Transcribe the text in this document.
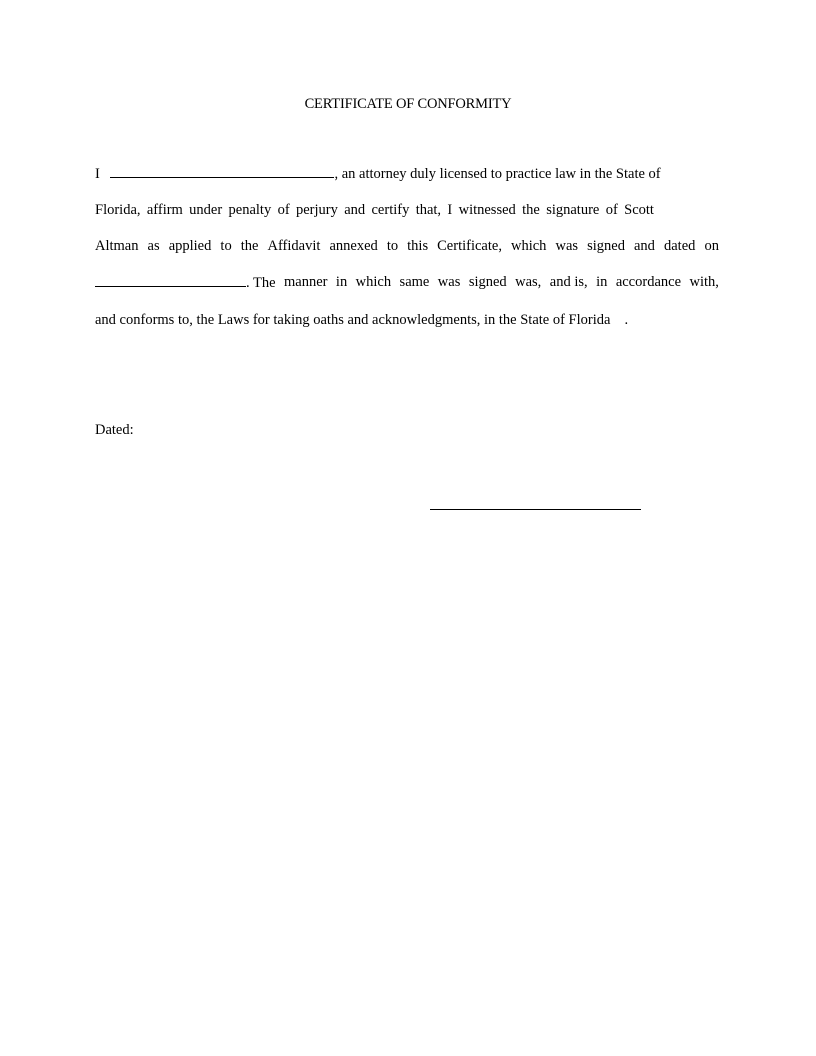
CERTIFICATE OF CONFORMITY
I	, an attorney duly licensed to practice law in the State of
Florida, affirm under penalty of perjury and certify that, I witnessed the signature of Scott
Altman as applied to the Affidavit annexed to this Certificate, which was signed and dated on
. The manner in which same was signed was, and is, in accordance with,
and conforms to, the Laws for taking oaths and acknowledgments, in the State of Florida .
Dated:
